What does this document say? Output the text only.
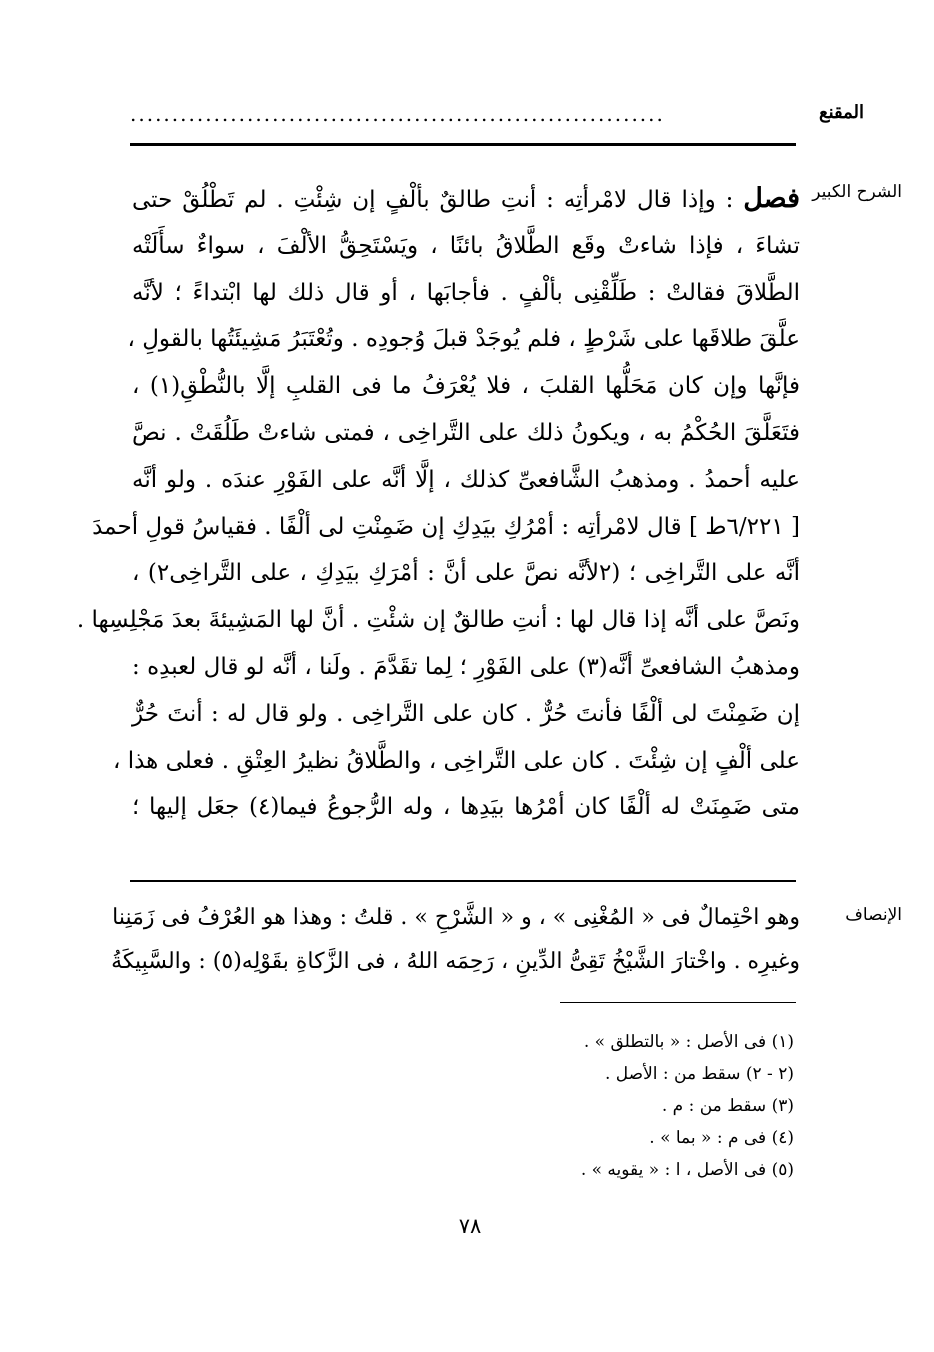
المقنع
................................................................
الشرح الكبير
فصل : وإذا قال لامْرأتِه : أنتِ طالقٌ بألْفٍ إن شِئْتِ . لم تَطْلُقْ حتى
تشاءَ ، فإذا شاءتْ وقَع الطَّلاقُ بائنًا ، ويَسْتَحِقُّ الألْفَ ، سواءٌ سأَلَتْه
الطَّلاقَ فقالتْ : طَلِّقْنِى بألْفٍ . فأجابَها ، أو قال ذلك لها ابْتداءً ؛ لأنَّه
علَّقَ طلاقَها على شَرْطٍ ، فلم يُوجَدْ قبلَ وُجودِه . وتُعْتَبَرُ مَشِيئَتُها بالقولِ ،
فإنَّها وإن كان مَحَلُّها القلبَ ، فلا يُعْرَفُ ما فى القلبِ إلَّا بالنُّطْقِ(١) ،
فتَعَلَّقَ الحُكْمُ به ، ويكونُ ذلك على التَّراخِى ، فمتى شاءتْ طَلُقَتْ . نصَّ
عليه أحمدُ . ومذهبُ الشَّافعىِّ كذلك ، إلَّا أنَّه على الفَوْرِ عندَه . ولو أنَّه
[ ٦/٢٢١ط ] قال لامْرأتِه : أمْرُكِ بيَدِكِ إن ضَمِنْتِ لى ألْفًا . فقياسُ قولِ أحمدَ
أنَّه على التَّراخِى ؛ (٢لأنَّه نصَّ على أنَّ : أمْرَكِ بيَدِكِ ، على التَّراخِى٢) ،
ونَصَّ على أنَّه إذا قال لها : أنتِ طالقٌ إن شئْتِ . أنَّ لها المَشِيئةَ بعدَ مَجْلِسِها .
ومذهبُ الشافعىِّ أنَّه(٣) على الفَوْرِ ؛ لِما تقَدَّمَ . ولَنا ، أنَّه لو قال لعبدِه :
إن ضَمِنْتَ لى ألْفًا فأنتَ حُرٌّ . كان على التَّراخِى . ولو قال له : أنتَ حُرٌّ
على ألْفٍ إن شِئْتَ . كان على التَّراخِى ، والطَّلاقُ نظيرُ العِتْقِ . فعلى هذا ،
متى ضَمِنَتْ له ألْفًا كان أمْرُها بيَدِها ، وله الرُّجوعُ فيما(٤) جعَل إليها ؛
الإنصاف
وهو احْتِمالٌ فى « المُغْنِى » ، و « الشَّرْحِ » . قلتُ : وهذا هو العُرْفُ فى زَمَنِنا
وغيرِه . واخْتارَ الشَّيْخُ تَقِىُّ الدِّينِ ، رَحِمَه اللهُ ، فى الزَّكاةِ بقَوْلِه(٥) : والسَّبِيكَةُ
(١) فى الأصل : « بالتطلق » .
(٢ - ٢) سقط من : الأصل .
(٣) سقط من : م .
(٤) فى م : « بما » .
(٥) فى الأصل ، ا : « يقويه » .
٧٨
